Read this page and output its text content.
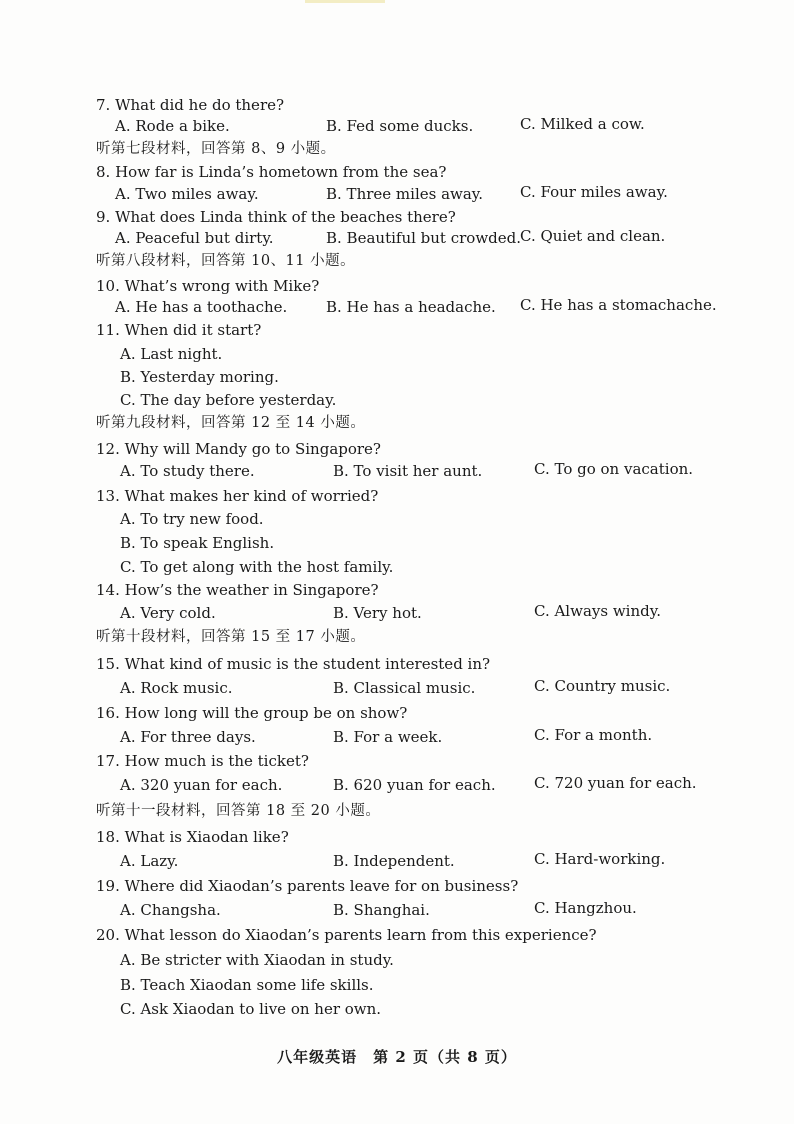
7. What did he do there?
A. Rode a bike.	B. Fed some ducks.	C. Milked a cow.
听第七段材料，回答第 8、9 小题。
8. How far is Linda’s hometown from the sea?
A. Two miles away.	B. Three miles away. C. Four miles away.
9. What does Linda think of the beaches there?
A. Peaceful but dirty.	B. Beautiful but crowded.
C. Quiet and clean.
听第八段材料，回答第 10、11 小题。
10. What’s wrong with Mike?
A. He has a toothache.	B. He has a headache. C. He has a stomachache.
11. When did it start?
A. Last night.
B. Yesterday moring.
C. The day before yesterday.
听第九段材料，回答第 12 至 14 小题。
12. Why will Mandy go to Singapore?
A. To study there.	B. To visit her aunt.	C. To go on vacation.
13. What makes her kind of worried?
A. To try new food.
B. To speak English.
C. To get along with the host family.
14. How’s the weather in Singapore?
A. Very cold.	B. Very hot.	C. Always windy.
听第十段材料，回答第 15 至 17 小题。
15. What kind of music is the student interested in?
A. Rock music.	B. Classical music.	C. Country music.
16. How long will the group be on show?
A. For three days.	B. For a week.	C. For a month.
17. How much is the ticket?
A. 320 yuan for each.	B. 620 yuan for each.	C. 720 yuan for each.
听第十一段材料，回答第 18 至 20 小题。
18. What is Xiaodan like?
A. Lazy.	B. Independent.	C. Hard-working.
19. Where did Xiaodan’s parents leave for on business?
A. Changsha.	B. Shanghai.	C. Hangzhou.
20. What lesson do Xiaodan’s parents learn from this experience?
A. Be stricter with Xiaodan in study.
B. Teach Xiaodan some life skills.
C. Ask Xiaodan to live on her own.
八年级英语　第 2 页（共 8 页）
